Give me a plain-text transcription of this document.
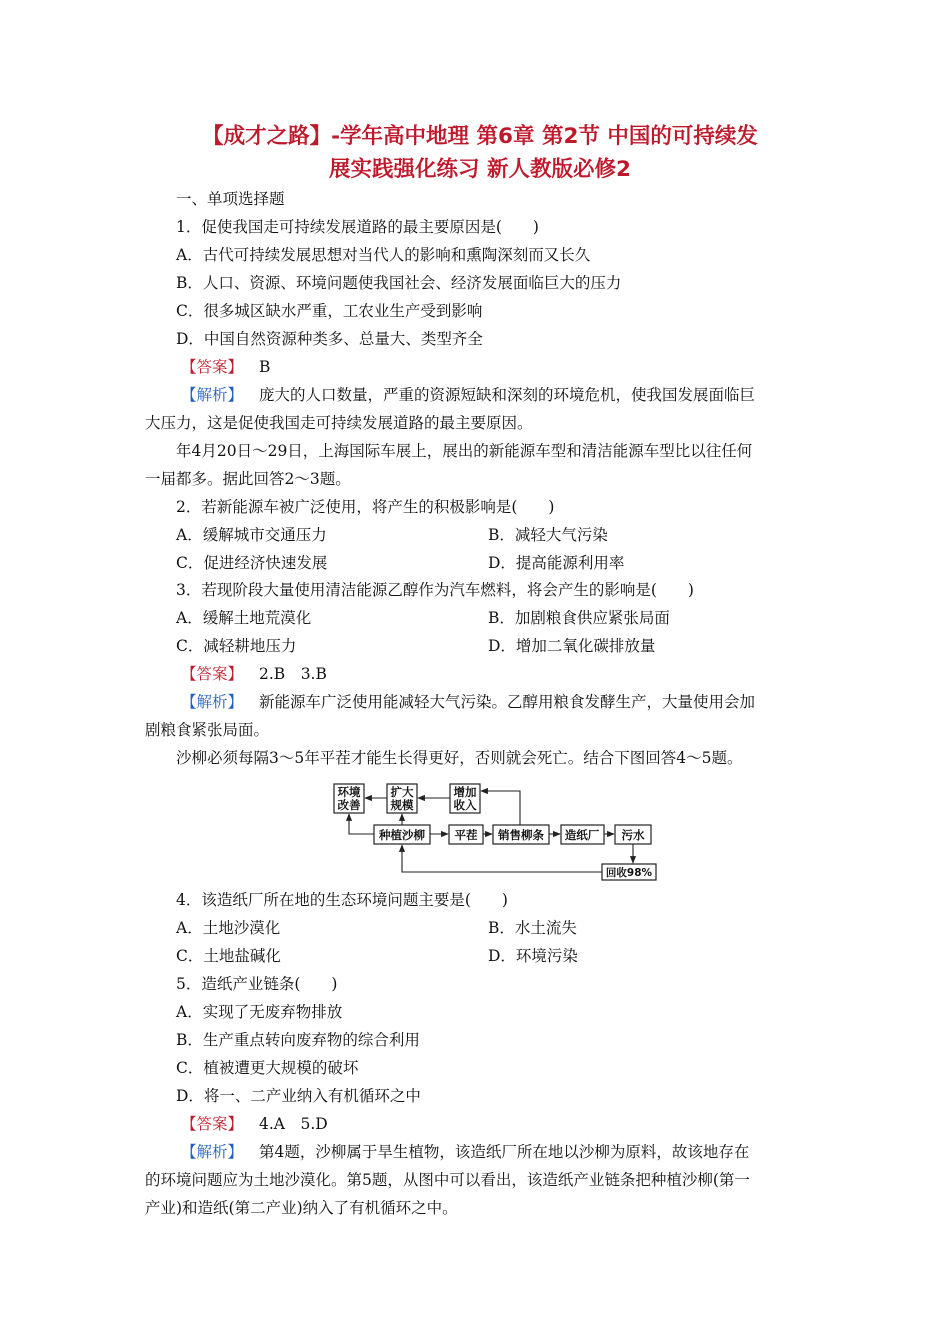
【成才之路】-学年高中地理 第6章 第2节 中国的可持续发
展实践强化练习 新人教版必修2
一、单项选择题
1．促使我国走可持续发展道路的最主要原因是(　　)
A．古代可持续发展思想对当代人的影响和熏陶深刻而又长久
B．人口、资源、环境问题使我国社会、经济发展面临巨大的压力
C．很多城区缺水严重，工农业生产受到影响
D．中国自然资源种类多、总量大、类型齐全
【答案】 B
【解析】 庞大的人口数量，严重的资源短缺和深刻的环境危机，使我国发展面临巨
大压力，这是促使我国走可持续发展道路的最主要原因。
年4月20日～29日，上海国际车展上，展出的新能源车型和清洁能源车型比以往任何
一届都多。据此回答2～3题。
2．若新能源车被广泛使用，将产生的积极影响是(　　)
A．缓解城市交通压力	B．减轻大气污染
C．促进经济快速发展	D．提高能源利用率
3．若现阶段大量使用清洁能源乙醇作为汽车燃料，将会产生的影响是(　　)
A．缓解土地荒漠化	B．加剧粮食供应紧张局面
C．减轻耕地压力	D．增加二氧化碳排放量
【答案】 2.B　3.B
【解析】 新能源车广泛使用能减轻大气污染。乙醇用粮食发酵生产，大量使用会加
剧粮食紧张局面。
沙柳必须每隔3～5年平茬才能生长得更好，否则就会死亡。结合下图回答4～5题。
环境
改善
扩大
规模
增加
收入
种植沙柳	平茬 销售柳条 造纸厂 污水
回收98%
4．该造纸厂所在地的生态环境问题主要是(　　)
A．土地沙漠化	B．水土流失
C．土地盐碱化	D．环境污染
5．造纸产业链条(　　)
A．实现了无废弃物排放
B．生产重点转向废弃物的综合利用
C．植被遭更大规模的破坏
D．将一、二产业纳入有机循环之中
【答案】 4.A　5.D
【解析】 第4题，沙柳属于旱生植物，该造纸厂所在地以沙柳为原料，故该地存在
的环境问题应为土地沙漠化。第5题，从图中可以看出，该造纸产业链条把种植沙柳(第一
产业)和造纸(第二产业)纳入了有机循环之中。
